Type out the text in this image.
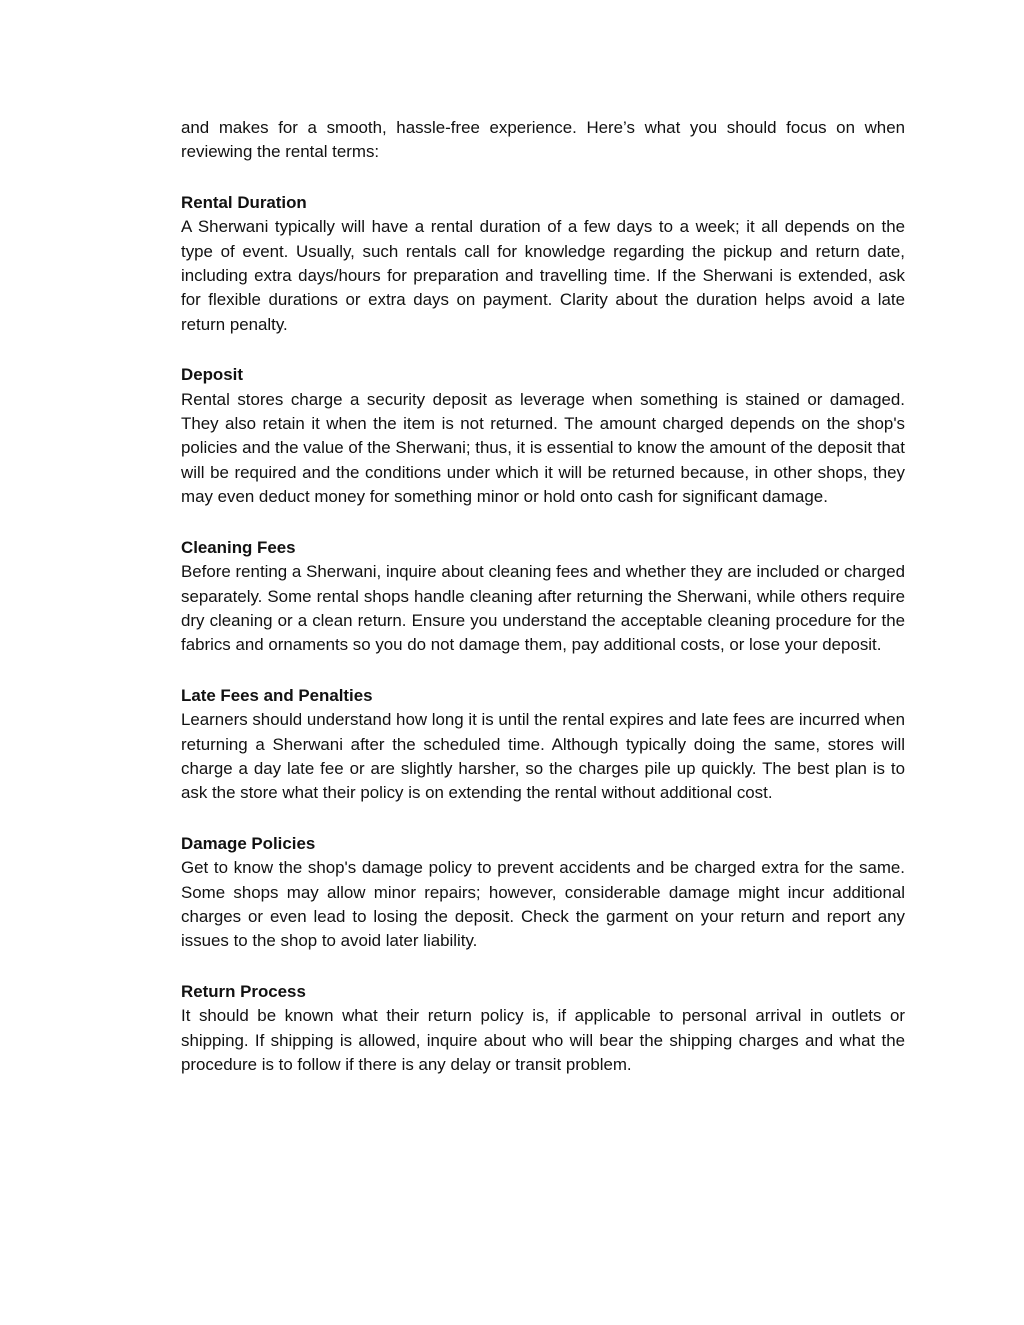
and makes for a smooth, hassle-free experience. Here’s what you should focus on when reviewing the rental terms:

Rental Duration

A Sherwani typically will have a rental duration of a few days to a week; it all depends on the type of event. Usually, such rentals call for knowledge regarding the pickup and return date, including extra days/hours for preparation and travelling time. If the Sherwani is extended, ask for flexible durations or extra days on payment. Clarity about the duration helps avoid a late return penalty.

Deposit

Rental stores charge a security deposit as leverage when something is stained or damaged. They also retain it when the item is not returned. The amount charged depends on the shop's policies and the value of the Sherwani; thus, it is essential to know the amount of the deposit that will be required and the conditions under which it will be returned because, in other shops, they may even deduct money for something minor or hold onto cash for significant damage.

Cleaning Fees

Before renting a Sherwani, inquire about cleaning fees and whether they are included or charged separately. Some rental shops handle cleaning after returning the Sherwani, while others require dry cleaning or a clean return. Ensure you understand the acceptable cleaning procedure for the fabrics and ornaments so you do not damage them, pay additional costs, or lose your deposit.

Late Fees and Penalties

Learners should understand how long it is until the rental expires and late fees are incurred when returning a Sherwani after the scheduled time. Although typically doing the same, stores will charge a day late fee or are slightly harsher, so the charges pile up quickly. The best plan is to ask the store what their policy is on extending the rental without additional cost.

Damage Policies

Get to know the shop's damage policy to prevent accidents and be charged extra for the same. Some shops may allow minor repairs; however, considerable damage might incur additional charges or even lead to losing the deposit. Check the garment on your return and report any issues to the shop to avoid later liability.

Return Process

It should be known what their return policy is, if applicable to personal arrival in outlets or shipping. If shipping is allowed, inquire about who will bear the shipping charges and what the procedure is to follow if there is any delay or transit problem.
